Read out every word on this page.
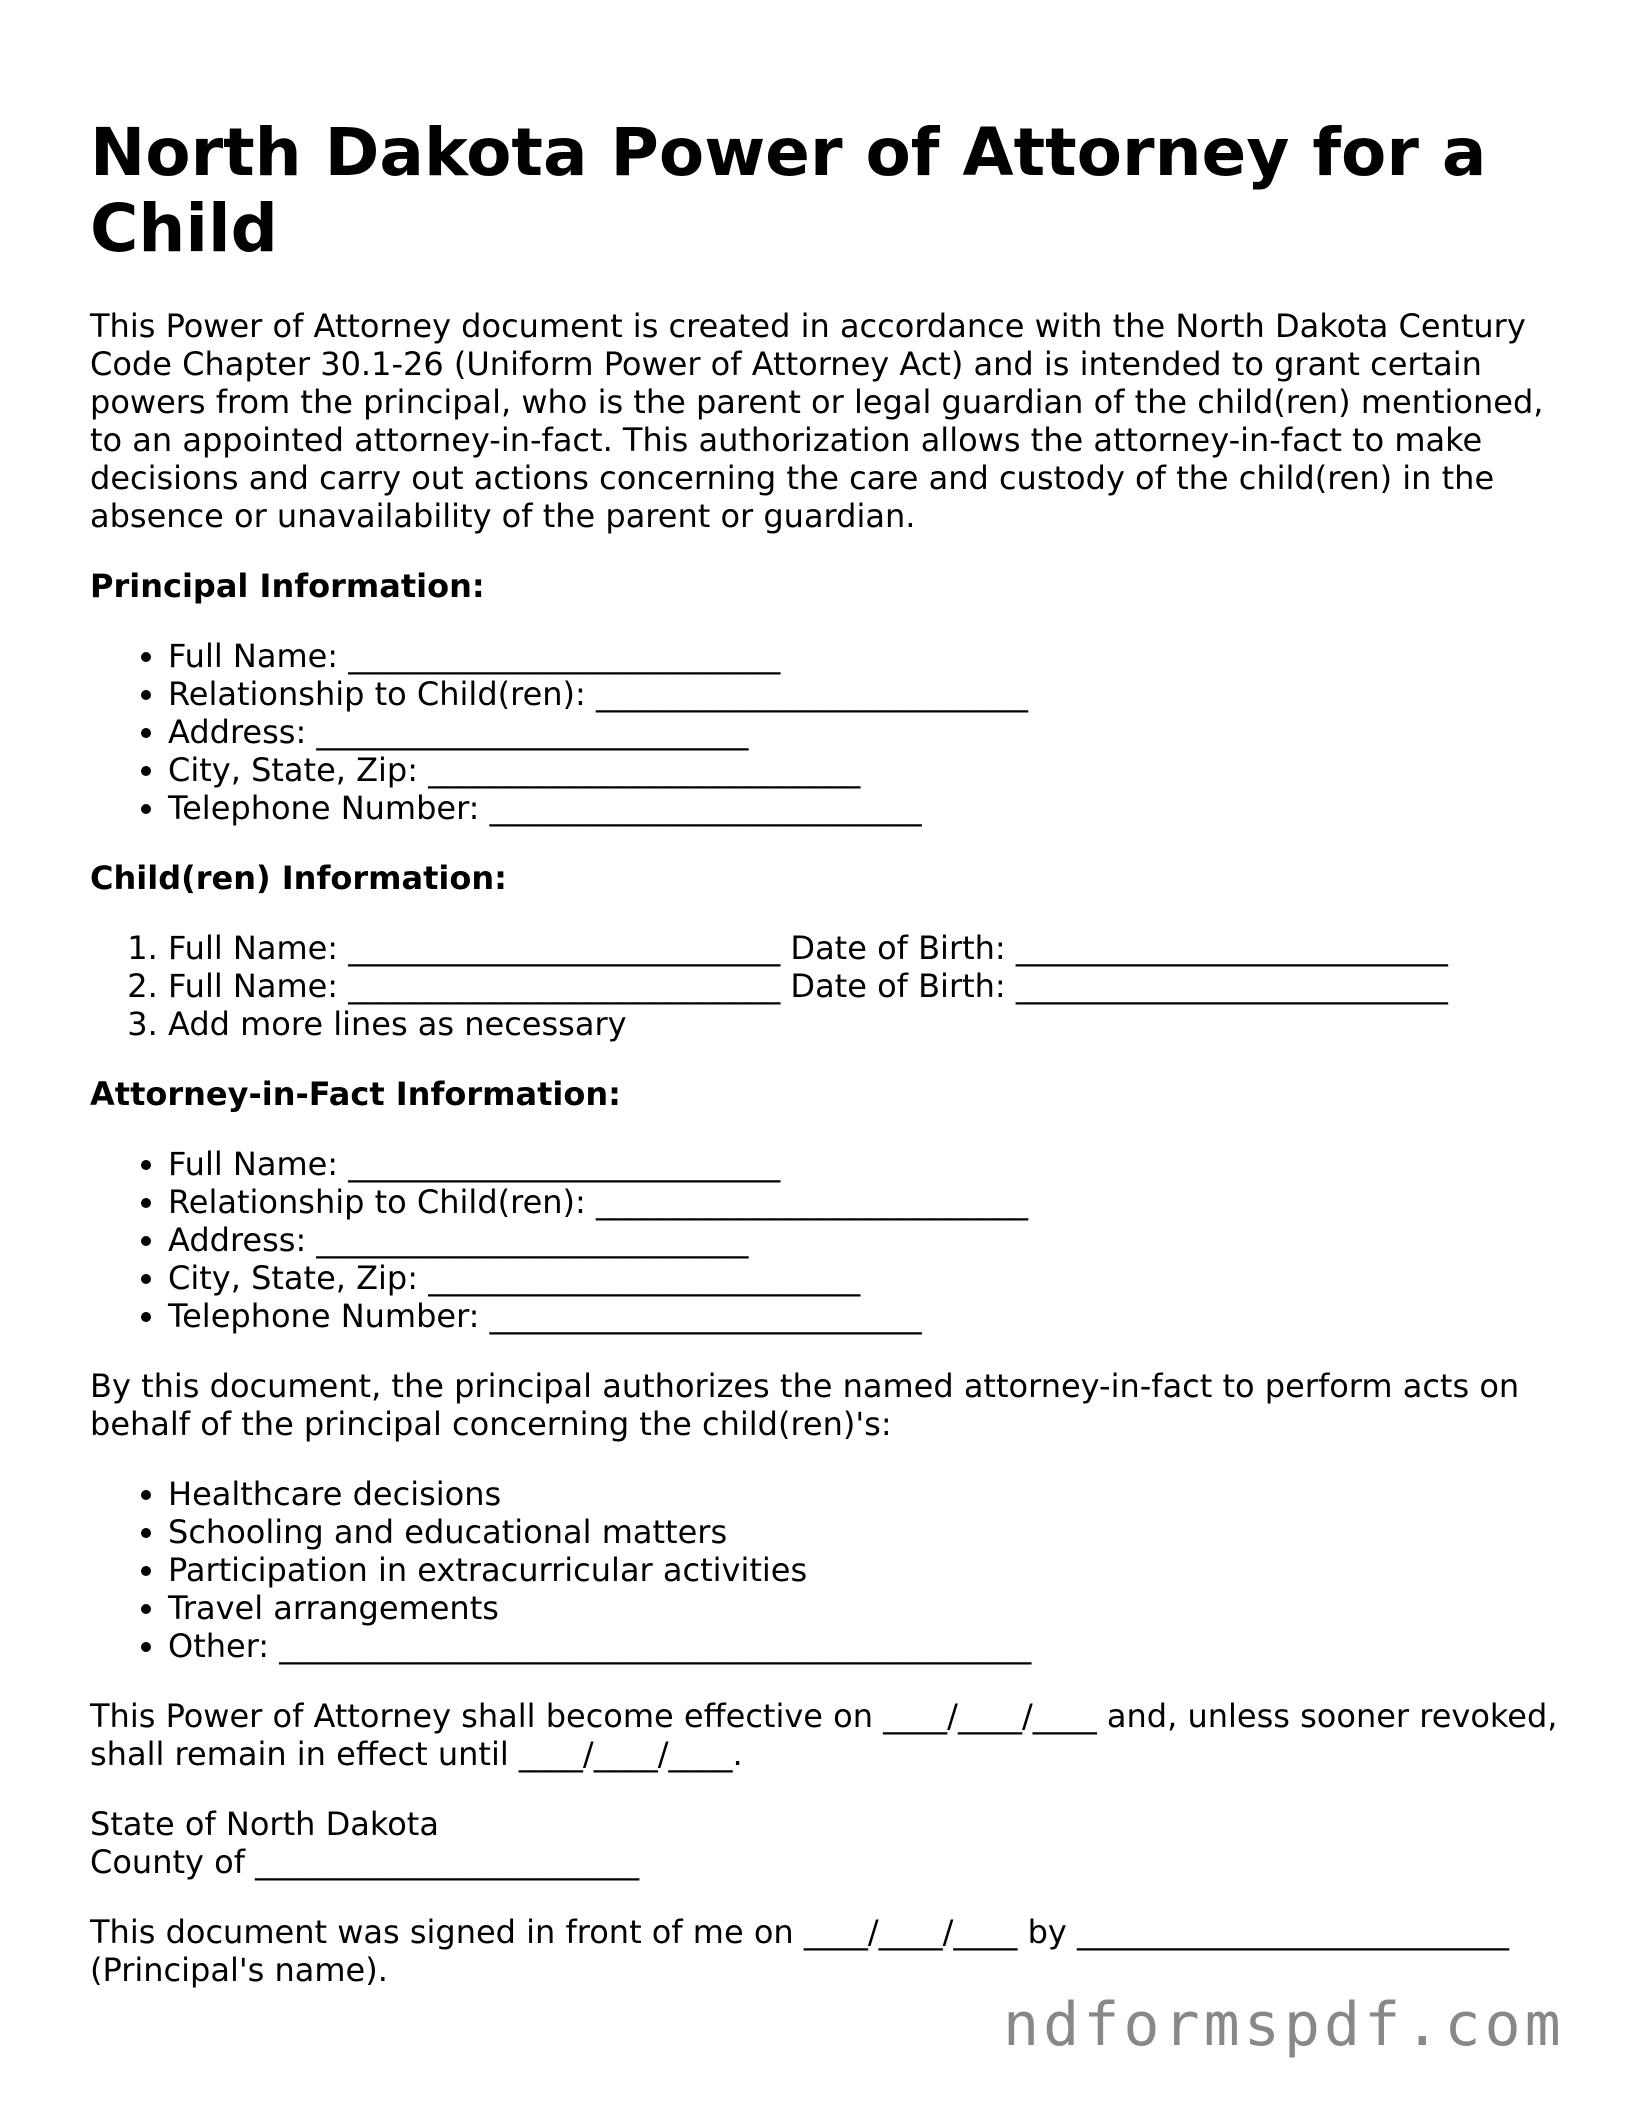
North Dakota Power of Attorney for a Child

This Power of Attorney document is created in accordance with the North Dakota Century Code Chapter 30.1-26 (Uniform Power of Attorney Act) and is intended to grant certain powers from the principal, who is the parent or legal guardian of the child(ren) mentioned, to an appointed attorney-in-fact. This authorization allows the attorney-in-fact to make decisions and carry out actions concerning the care and custody of the child(ren) in the absence or unavailability of the parent or guardian.

Principal Information:
• Full Name: ___________________________
• Relationship to Child(ren): ___________________________
• Address: ___________________________
• City, State, Zip: ___________________________
• Telephone Number: ___________________________
Child(ren) Information:
1. Full Name: ___________________________ Date of Birth: ___________________________
2. Full Name: ___________________________ Date of Birth: ___________________________
3. Add more lines as necessary
Attorney-in-Fact Information:
• Full Name: ___________________________
• Relationship to Child(ren): ___________________________
• Address: ___________________________
• City, State, Zip: ___________________________
• Telephone Number: ___________________________

By this document, the principal authorizes the named attorney-in-fact to perform acts on behalf of the principal concerning the child(ren)'s:

• Healthcare decisions
• Schooling and educational matters
• Participation in extracurricular activities
• Travel arrangements
• Other: _______________________________________________

This Power of Attorney shall become effective on ____/____/____ and, unless sooner revoked, shall remain in effect until ____/____/____.

State of North Dakota

County of ________________________

This document was signed in front of me on ____/____/____ by ___________________________ (Principal's name).

ndformspdf.com
